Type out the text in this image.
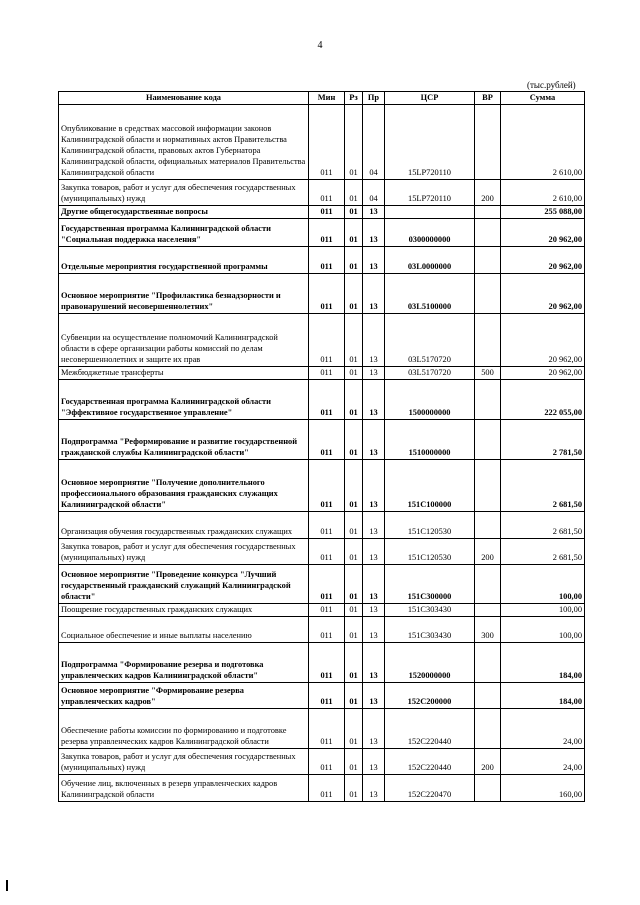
4
(тыс.рублей)
Наименование кода	Мин	Рз	Пр	ЦСР	ВР	Сумма
Опубликование в средствах массовой информации законов Калининградской области и нормативных актов Правительства Калининградской области, правовых актов Губернатора Калининградской области, официальных материалов Правительства Калининградской области	011	01	04	15LP720110		2 610,00
Закупка товаров, работ и услуг для обеспечения государственных (муниципальных) нужд	011	01	04	15LP720110	200	2 610,00
Другие общегосударственные вопросы	011	01	13			255 088,00
Государственная программа Калининградской области "Социальная поддержка населения"	011	01	13	0300000000		20 962,00
Отдельные мероприятия государственной программы	011	01	13	03L0000000		20 962,00
Основное мероприятие "Профилактика безнадзорности и правонарушений несовершеннолетних"	011	01	13	03L5100000		20 962,00
Субвенции на осуществление полномочий Калининградской области в сфере организации работы комиссий по делам несовершеннолетних и защите их прав	011	01	13	03L5170720		20 962,00
Межбюджетные трансферты	011	01	13	03L5170720	500	20 962,00
Государственная программа Калининградской области "Эффективное государственное управление"	011	01	13	1500000000		222 055,00
Подпрограмма "Реформирование и развитие государственной гражданской службы Калининградской области"	011	01	13	1510000000		2 781,50
Основное мероприятие "Получение дополнительного профессионального образования гражданских служащих Калининградской области"	011	01	13	151C100000		2 681,50
Организация обучения государственных гражданских служащих	011	01	13	151C120530		2 681,50
Закупка товаров, работ и услуг для обеспечения государственных (муниципальных) нужд	011	01	13	151C120530	200	2 681,50
Основное мероприятие "Проведение конкурса "Лучший государственный гражданский служащий Калининградской области"	011	01	13	151C300000		100,00
Поощрение государственных гражданских служащих	011	01	13	151C303430		100,00
Социальное обеспечение и иные выплаты населению	011	01	13	151C303430	300	100,00
Подпрограмма "Формирование резерва и подготовка управленческих кадров Калининградской области"	011	01	13	1520000000		184,00
Основное мероприятие "Формирование резерва управленческих кадров"	011	01	13	152C200000		184,00
Обеспечение работы комиссии по формированию и подготовке резерва управленческих кадров Калининградской области	011	01	13	152C220440		24,00
Закупка товаров, работ и услуг для обеспечения государственных (муниципальных) нужд	011	01	13	152C220440	200	24,00
Обучение лиц, включенных в резерв управленческих кадров Калининградской области	011	01	13	152C220470		160,00
